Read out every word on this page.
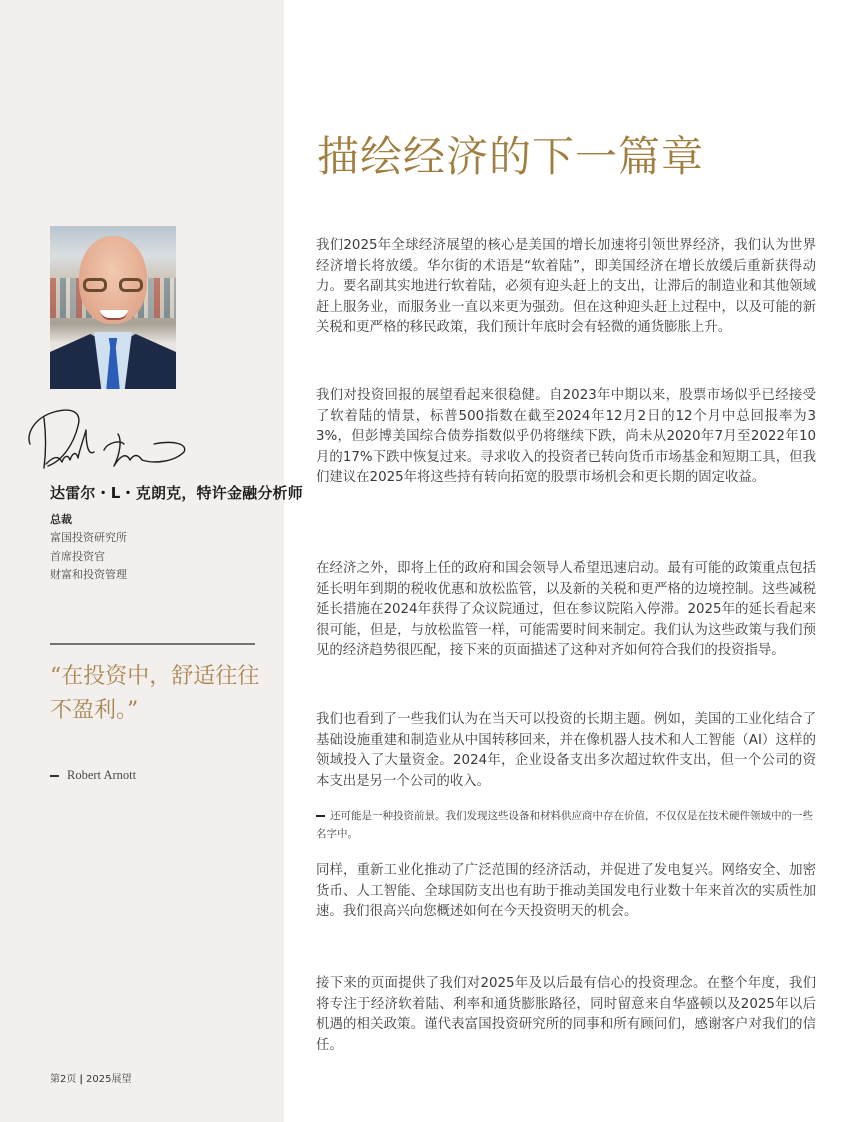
达雷尔・L・克朗克，特许金融分析师
总裁
富国投资研究所
首席投资官
财富和投资管理
“在投资中，舒适往往不盈利。”
Robert Arnott
第2页 | 2025展望
描绘经济的下一篇章

我们2025年全球经济展望的核心是美国的增长加速将引领世界经济，我们认为世界经济增长将放缓。华尔街的术语是“软着陆”，即美国经济在增长放缓后重新获得动力。要名副其实地进行软着陆，必须有迎头赶上的支出，让滞后的制造业和其他领域赶上服务业，而服务业一直以来更为强劲。但在这种迎头赶上过程中，以及可能的新关税和更严格的移民政策，我们预计年底时会有轻微的通货膨胀上升。

我们对投资回报的展望看起来很稳健。自2023年中期以来，股票市场似乎已经接受了软着陆的情景，标普500指数在截至2024年12月2日的12个月中总回报率为33%，但彭博美国综合债券指数似乎仍将继续下跌，尚未从2020年7月至2022年10月的17%下跌中恢复过来。寻求收入的投资者已转向货币市场基金和短期工具，但我们建议在2025年将这些持有转向拓宽的股票市场机会和更长期的固定收益。

在经济之外，即将上任的政府和国会领导人希望迅速启动。最有可能的政策重点包括延长明年到期的税收优惠和放松监管，以及新的关税和更严格的边境控制。这些减税延长措施在2024年获得了众议院通过，但在参议院陷入停滞。2025年的延长看起来很可能，但是，与放松监管一样，可能需要时间来制定。我们认为这些政策与我们预见的经济趋势很匹配，接下来的页面描述了这种对齐如何符合我们的投资指导。

我们也看到了一些我们认为在当天可以投资的长期主题。例如，美国的工业化结合了基础设施重建和制造业从中国转移回来，并在像机器人技术和人工智能（AI）这样的领域投入了大量资金。2024年，企业设备支出多次超过软件支出，但一个公司的资本支出是另一个公司的收入。

还可能是一种投资前景。我们发现这些设备和材料供应商中存在价值，不仅仅是在技术硬件领域中的一些名字中。

同样，重新工业化推动了广泛范围的经济活动，并促进了发电复兴。网络安全、加密货币、人工智能、全球国防支出也有助于推动美国发电行业数十年来首次的实质性加速。我们很高兴向您概述如何在今天投资明天的机会。

接下来的页面提供了我们对2025年及以后最有信心的投资理念。在整个年度，我们将专注于经济软着陆、利率和通货膨胀路径，同时留意来自华盛顿以及2025年以后机遇的相关政策。谨代表富国投资研究所的同事和所有顾问们，感谢客户对我们的信任。
